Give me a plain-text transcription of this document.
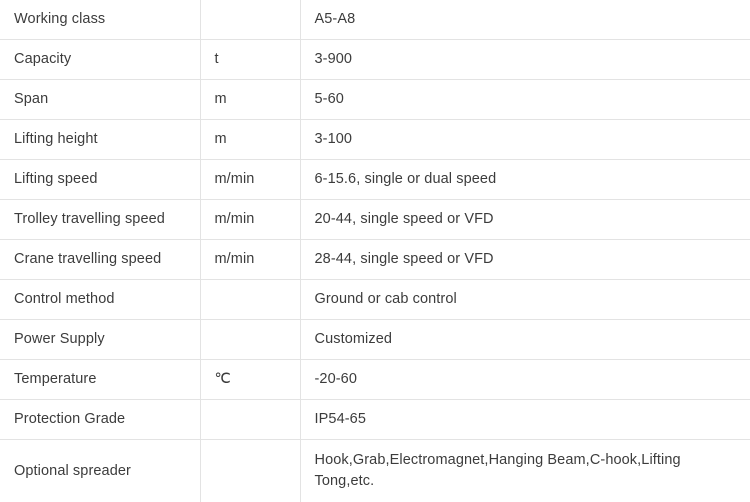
Working class		A5-A8
Capacity	t	3-900
Span	m	5-60
Lifting height	m	3-100
Lifting speed	m/min	6-15.6, single or dual speed
Trolley travelling speed	m/min	20-44, single speed or VFD
Crane travelling speed	m/min	28-44, single speed or VFD
Control method		Ground or cab control
Power Supply		Customized
Temperature	℃	-20-60
Protection Grade		IP54-65
Optional spreader		Hook,Grab,Electromagnet,Hanging Beam,C-hook,Lifting Tong,etc.
